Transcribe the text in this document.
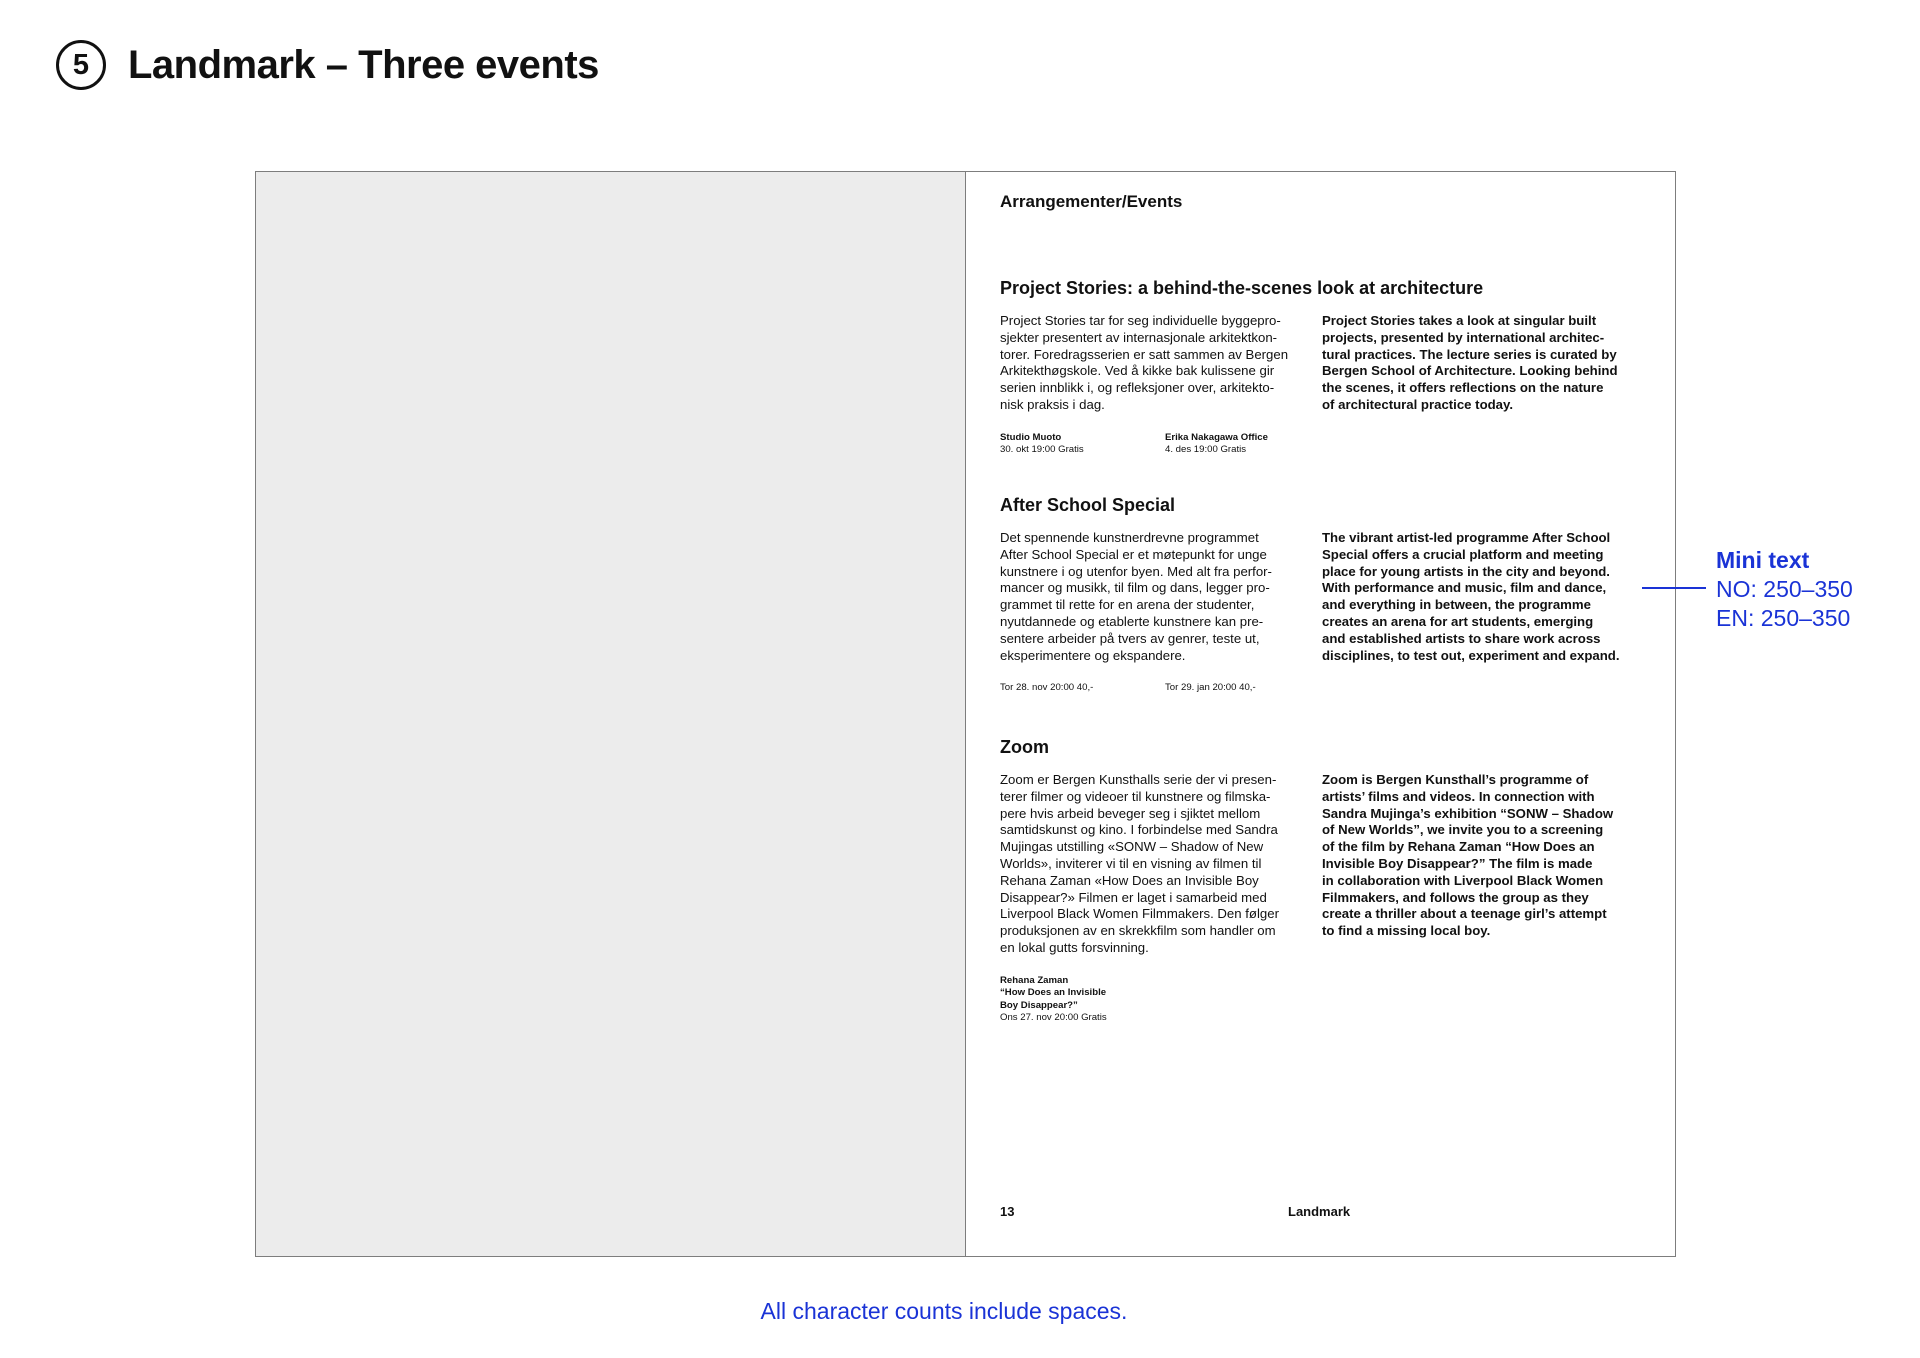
5 Landmark – Three events
Arrangementer/Events
Project Stories: a behind-the-scenes look at architecture
Project Stories tar for seg individuelle byggepro-
sjekter presentert av internasjonale arkitektkon-
torer. Foredragsserien er satt sammen av Bergen
Arkitekthøgskole. Ved å kikke bak kulissene gir
serien innblikk i, og refleksjoner over, arkitekto-
nisk praksis i dag.
Project Stories takes a look at singular built
projects, presented by international architec-
tural practices. The lecture series is curated by
Bergen School of Architecture. Looking behind
the scenes, it offers reflections on the nature
of architectural practice today.
Studio Muoto
30. okt 19:00 Gratis
Erika Nakagawa Office
4. des 19:00 Gratis
After School Special
Det spennende kunstnerdrevne programmet
After School Special er et møtepunkt for unge
kunstnere i og utenfor byen. Med alt fra perfor-
mancer og musikk, til film og dans, legger pro-
grammet til rette for en arena der studenter,
nyutdannede og etablerte kunstnere kan pre-
sentere arbeider på tvers av genrer, teste ut,
eksperimentere og ekspandere.
The vibrant artist-led programme After School
Special offers a crucial platform and meeting
place for young artists in the city and beyond.
With performance and music, film and dance,
and everything in between, the programme
creates an arena for art students, emerging
and established artists to share work across
disciplines, to test out, experiment and expand.
Tor 28. nov 20:00 40,-	Tor 29. jan 20:00 40,-
Zoom
Zoom er Bergen Kunsthalls serie der vi presen-
terer filmer og videoer til kunstnere og filmska-
pere hvis arbeid beveger seg i sjiktet mellom
samtidskunst og kino. I forbindelse med Sandra
Mujingas utstilling «SONW – Shadow of New
Worlds», inviterer vi til en visning av filmen til
Rehana Zaman «How Does an Invisible Boy
Disappear?» Filmen er laget i samarbeid med
Liverpool Black Women Filmmakers. Den følger
produksjonen av en skrekkfilm som handler om
en lokal gutts forsvinning.
Zoom is Bergen Kunsthall’s programme of
artists’ films and videos. In connection with
Sandra Mujinga’s exhibition “SONW – Shadow
of New Worlds”, we invite you to a screening
of the film by Rehana Zaman “How Does an
Invisible Boy Disappear?” The film is made
in collaboration with Liverpool Black Women
Filmmakers, and follows the group as they
create a thriller about a teenage girl’s attempt
to find a missing local boy.
Rehana Zaman
“How Does an Invisible
Boy Disappear?”
Ons 27. nov 20:00 Gratis
13	Landmark
Mini text
NO: 250–350
EN: 250–350
All character counts include spaces.
